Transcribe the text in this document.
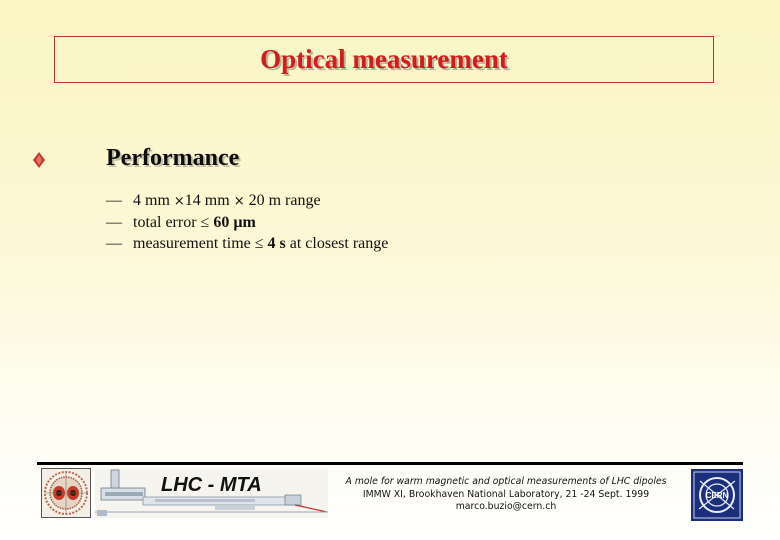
Optical measurement
Performance
— 4 mm ×14 mm × 20 m range
— total error ≤ 60 µm
— measurement time ≤ 4 s at closest range
LHC - MTA	A mole for warm magnetic and optical measurements of LHC dipoles
IMMW XI, Brookhaven National Laboratory, 21 -24 Sept. 1999
marco.buzio@cern.ch
CERN
